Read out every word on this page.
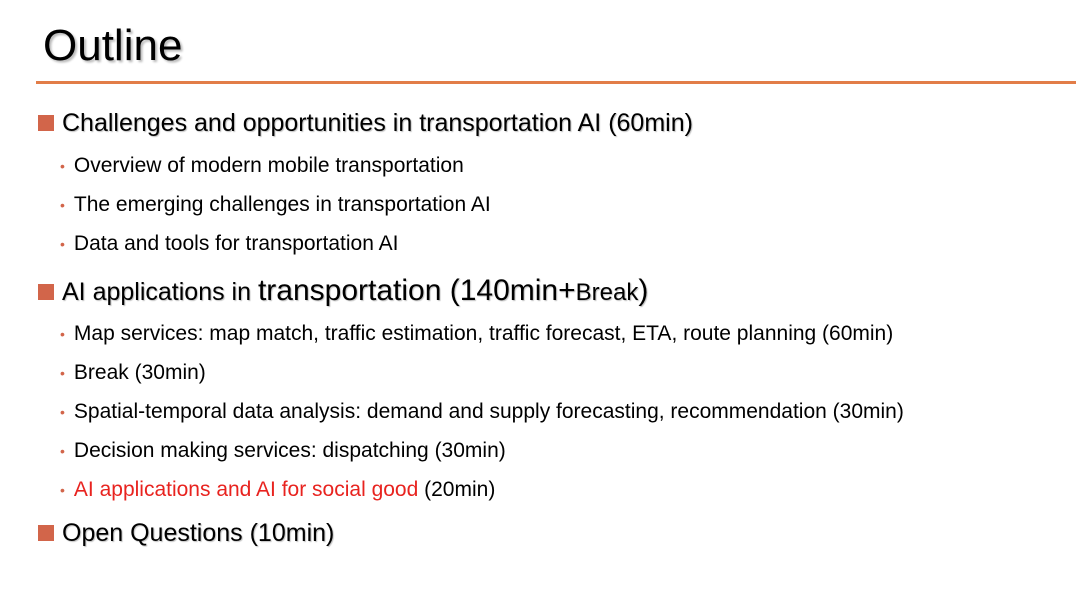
Outline
Challenges and opportunities in transportation AI (60min)
• Overview of modern mobile transportation
• The emerging challenges in transportation AI
• Data and tools for transportation AI
AI applications in transportation (140min+Break)
• Map services: map match, traffic estimation, traffic forecast, ETA, route planning (60min)
• Break (30min)
• Spatial-temporal data analysis: demand and supply forecasting, recommendation (30min)
• Decision making services: dispatching (30min)
• AI applications and AI for social good (20min)
Open Questions (10min)
